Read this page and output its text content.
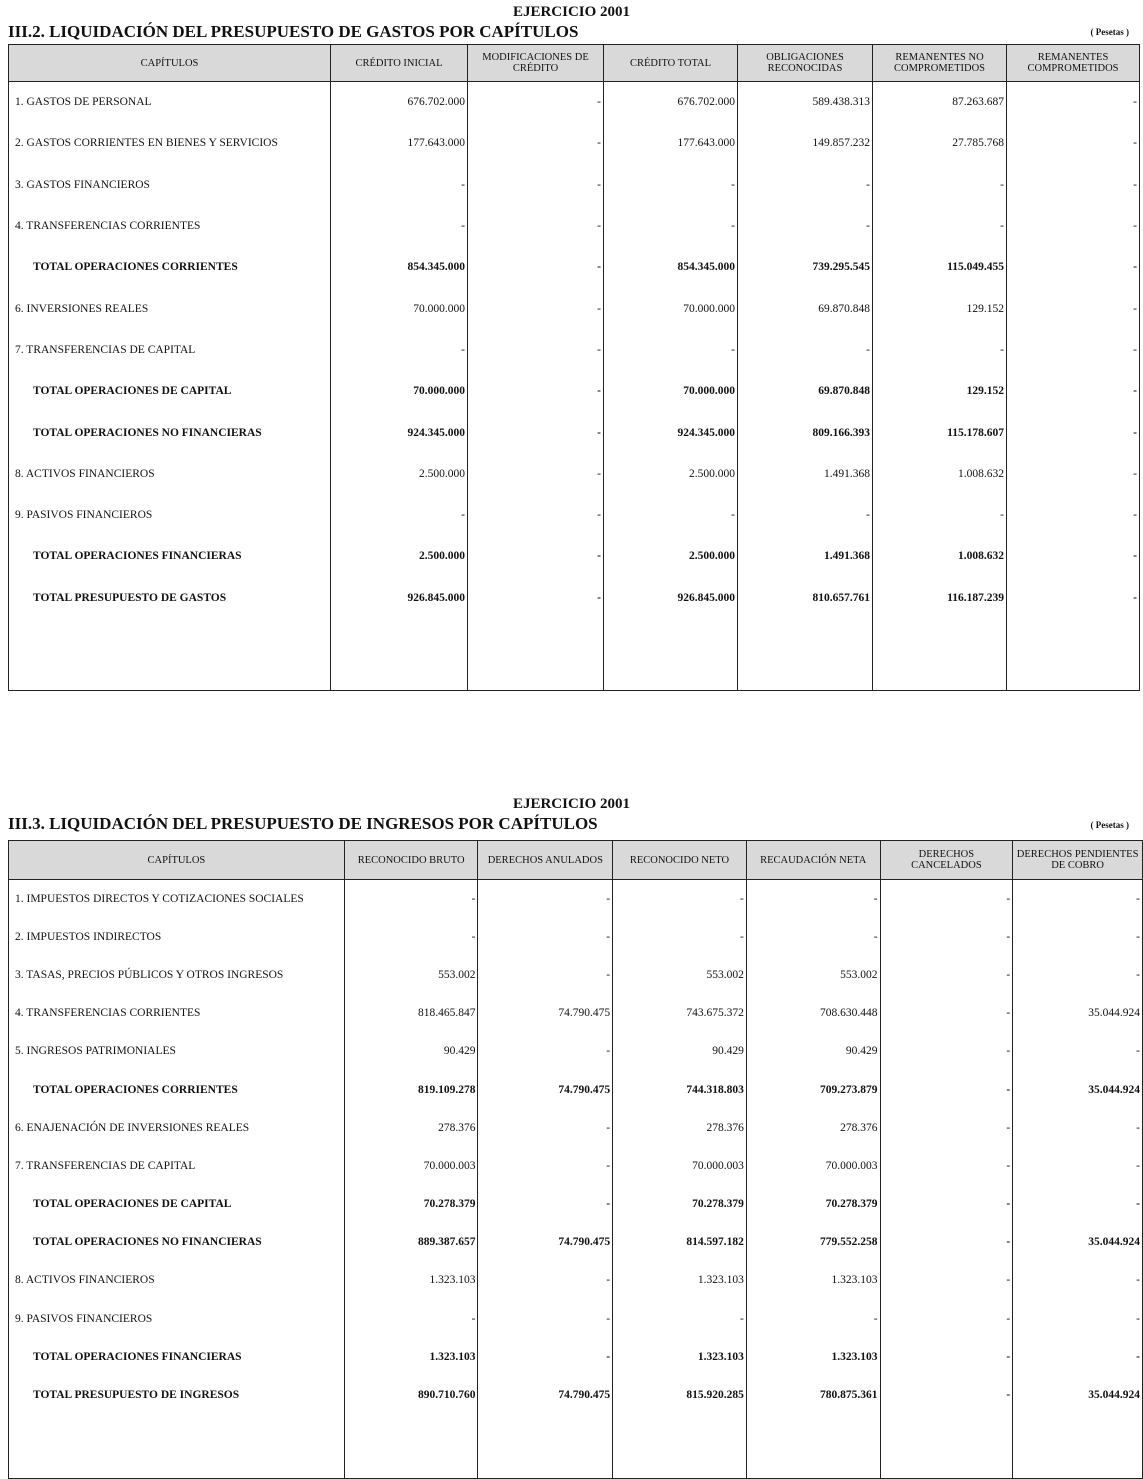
EJERCICIO 2001
III.2. LIQUIDACIÓN DEL PRESUPUESTO DE GASTOS POR CAPÍTULOS	( Pesetas )
CAPÍTULOS	CRÉDITO INICIAL	MODIFICACIONES DE CRÉDITO	CRÉDITO TOTAL	OBLIGACIONES RECONOCIDAS	REMANENTES NO COMPROMETIDOS	REMANENTES COMPROMETIDOS
1. GASTOS DE PERSONAL	676.702.000	-	676.702.000	589.438.313	87.263.687	-
2. GASTOS CORRIENTES EN BIENES Y SERVICIOS	177.643.000	-	177.643.000	149.857.232	27.785.768	-
3. GASTOS FINANCIEROS	-	-	-	-	-	-
4. TRANSFERENCIAS CORRIENTES	-	-	-	-	-	-
TOTAL OPERACIONES CORRIENTES	854.345.000	-	854.345.000	739.295.545	115.049.455	-
6. INVERSIONES REALES	70.000.000	-	70.000.000	69.870.848	129.152	-
7. TRANSFERENCIAS DE CAPITAL	-	-	-	-	-	-
TOTAL OPERACIONES DE CAPITAL	70.000.000	-	70.000.000	69.870.848	129.152	-
TOTAL OPERACIONES NO FINANCIERAS	924.345.000	-	924.345.000	809.166.393	115.178.607	-
8. ACTIVOS FINANCIEROS	2.500.000	-	2.500.000	1.491.368	1.008.632	-
9. PASIVOS FINANCIEROS	-	-	-	-	-	-
TOTAL OPERACIONES FINANCIERAS	2.500.000	-	2.500.000	1.491.368	1.008.632	-
TOTAL PRESUPUESTO DE GASTOS	926.845.000	-	926.845.000	810.657.761	116.187.239	-

EJERCICIO 2001
III.3. LIQUIDACIÓN DEL PRESUPUESTO DE INGRESOS POR CAPÍTULOS	( Pesetas )
CAPÍTULOS	RECONOCIDO BRUTO	DERECHOS ANULADOS	RECONOCIDO NETO	RECAUDACIÓN NETA	DERECHOS CANCELADOS	DERECHOS PENDIENTES DE COBRO
1. IMPUESTOS DIRECTOS Y COTIZACIONES SOCIALES	-	-	-	-	-	-
2. IMPUESTOS INDIRECTOS	-	-	-	-	-	-
3. TASAS, PRECIOS PÚBLICOS Y OTROS INGRESOS	553.002	-	553.002	553.002	-	-
4. TRANSFERENCIAS CORRIENTES	818.465.847	74.790.475	743.675.372	708.630.448	-	35.044.924
5. INGRESOS PATRIMONIALES	90.429	-	90.429	90.429	-	-
TOTAL OPERACIONES CORRIENTES	819.109.278	74.790.475	744.318.803	709.273.879	-	35.044.924
6. ENAJENACIÓN DE INVERSIONES REALES	278.376	-	278.376	278.376	-	-
7. TRANSFERENCIAS DE CAPITAL	70.000.003	-	70.000.003	70.000.003	-	-
TOTAL OPERACIONES DE CAPITAL	70.278.379	-	70.278.379	70.278.379	-	-
TOTAL OPERACIONES NO FINANCIERAS	889.387.657	74.790.475	814.597.182	779.552.258	-	35.044.924
8. ACTIVOS FINANCIEROS	1.323.103	-	1.323.103	1.323.103	-	-
9. PASIVOS FINANCIEROS	-	-	-	-	-	-
TOTAL OPERACIONES FINANCIERAS	1.323.103	-	1.323.103	1.323.103	-	-
TOTAL PRESUPUESTO DE INGRESOS	890.710.760	74.790.475	815.920.285	780.875.361	-	35.044.924
